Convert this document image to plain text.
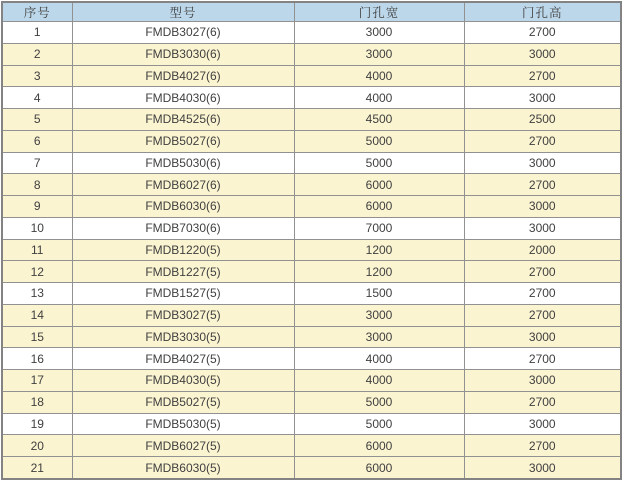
序号	型号	门孔宽	门孔高
1	FMDB3027(6)	3000	2700
2	FMDB3030(6)	3000	3000
3	FMDB4027(6)	4000	2700
4	FMDB4030(6)	4000	3000
5	FMDB4525(6)	4500	2500
6	FMDB5027(6)	5000	2700
7	FMDB5030(6)	5000	3000
8	FMDB6027(6)	6000	2700
9	FMDB6030(6)	6000	3000
10	FMDB7030(6)	7000	3000
11	FMDB1220(5)	1200	2000
12	FMDB1227(5)	1200	2700
13	FMDB1527(5)	1500	2700
14	FMDB3027(5)	3000	2700
15	FMDB3030(5)	3000	3000
16	FMDB4027(5)	4000	2700
17	FMDB4030(5)	4000	3000
18	FMDB5027(5)	5000	2700
19	FMDB5030(5)	5000	3000
20	FMDB6027(5)	6000	2700
21	FMDB6030(5)	6000	3000
